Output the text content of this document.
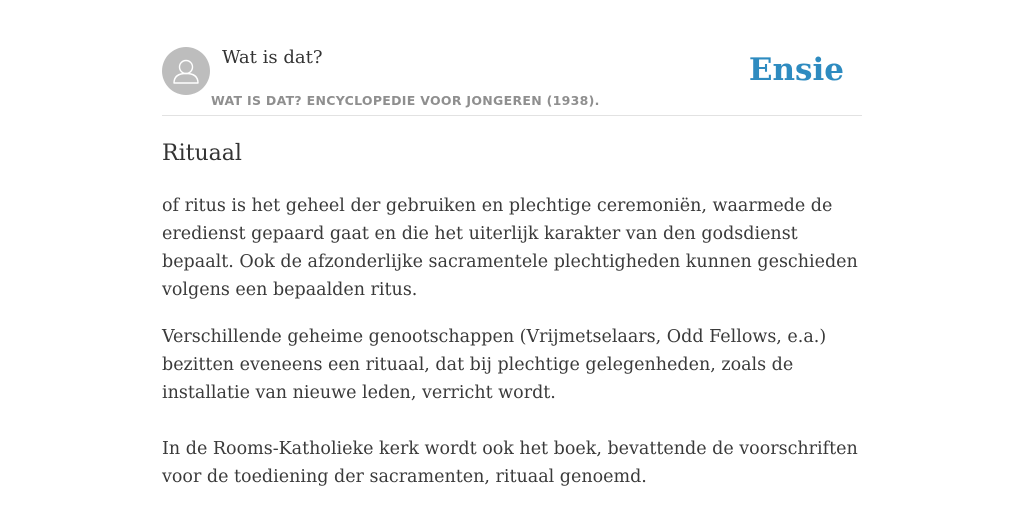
Wat is dat?
WAT IS DAT? ENCYCLOPEDIE VOOR JONGEREN (1938).
Ensie
Rituaal

of ritus is het geheel der gebruiken en plechtige ceremoniën, waarmede de eredienst gepaard gaat en die het uiterlijk karakter van den godsdienst bepaalt. Ook de afzonderlijke sacramentele plechtigheden kunnen geschieden volgens een bepaalden ritus.

Verschillende geheime genootschappen (Vrijmetselaars, Odd Fellows, e.a.) bezitten eveneens een rituaal, dat bij plechtige gelegenheden, zoals de installatie van nieuwe leden, verricht wordt.

In de Rooms-Katholieke kerk wordt ook het boek, bevattende de voorschriften voor de toediening der sacramenten, rituaal genoemd.
